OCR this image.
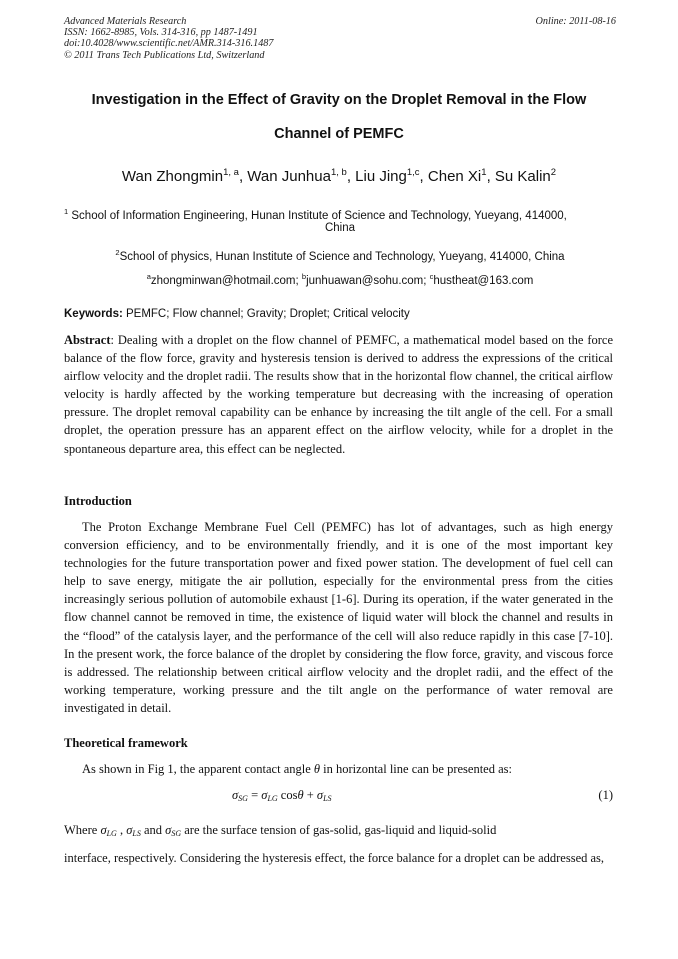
Advanced Materials Research
ISSN: 1662-8985, Vols. 314-316, pp 1487-1491
doi:10.4028/www.scientific.net/AMR.314-316.1487
© 2011 Trans Tech Publications Ltd, Switzerland
Online: 2011-08-16
Investigation in the Effect of Gravity on the Droplet Removal in the Flow
Channel of PEMFC
Wan Zhongmin$^{1, a}$, Wan Junhua$^{1, b}$, Liu Jing$^{1,c}$, Chen Xi$^1$, Su Kalin$^2$
$^1$ School of Information Engineering, Hunan Institute of Science and Technology, Yueyang, 414000,
China
$^2$School of physics, Hunan Institute of Science and Technology, Yueyang, 414000, China
$^a$zhongminwan@hotmail.com; $^b$junhuawan@sohu.com; $^c$hustheat@163.com
Keywords: PEMFC; Flow channel; Gravity; Droplet; Critical velocity
Abstract: Dealing with a droplet on the flow channel of PEMFC, a mathematical model based on the force balance of the flow force, gravity and hysteresis tension is derived to address the expressions of the critical airflow velocity and the droplet radii. The results show that in the horizontal flow channel, the critical airflow velocity is hardly affected by the working temperature but decreasing with the increasing of operation pressure. The droplet removal capability can be enhance by increasing the tilt angle of the cell. For a small droplet, the operation pressure has an apparent effect on the airflow velocity, while for a droplet in the spontaneous departure area, this effect can be neglected.
Introduction
The Proton Exchange Membrane Fuel Cell (PEMFC) has lot of advantages, such as high energy conversion efficiency, and to be environmentally friendly, and it is one of the most important key technologies for the future transportation power and fixed power station. The development of fuel cell can help to save energy, mitigate the air pollution, especially for the environmental press from the cities increasingly serious pollution of automobile exhaust [1-6]. During its operation, if the water generated in the flow channel cannot be removed in time, the existence of liquid water will block the channel and results in the “flood” of the catalysis layer, and the performance of the cell will also reduce rapidly in this case [7-10]. In the present work, the force balance of the droplet by considering the flow force, gravity, and viscous force is addressed. The relationship between critical airflow velocity and the droplet radii, and the effect of the working temperature, working pressure and the tilt angle on the performance of water removal are investigated in detail.
Theoretical framework
As shown in Fig 1, the apparent contact angle θ in horizontal line can be presented as:
$\sigma_{SG} = \sigma_{LG}$ $\cos\theta + \sigma_{LS}$	(1)
Where $\sigma_{LG}$ , $\sigma_{LS}$ and $\sigma_{SG}$ are the surface tension of gas-solid, gas-liquid and liquid-solid
interface, respectively. Considering the hysteresis effect, the force balance for a droplet can be addressed as,
